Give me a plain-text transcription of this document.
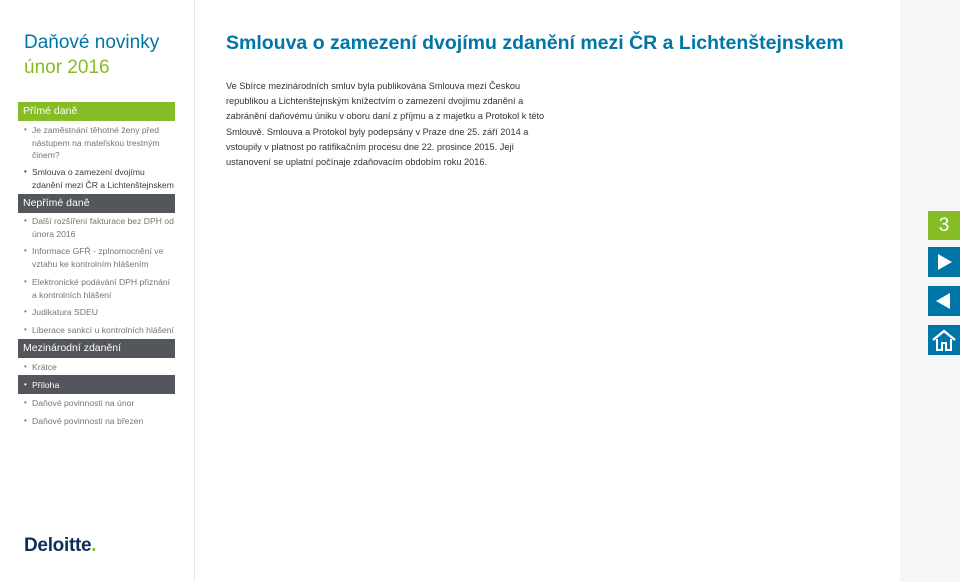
Daňové novinky
únor 2016
Přímé daně
• Je zaměstnání těhotné ženy před nástupem na mateřskou trestným činem?
• Smlouva o zamezení dvojímu zdanění mezi ČR a Lichtenštejnskem
Nepřímé daně
• Další rozšíření fakturace bez DPH od února 2016
• Informace GFŘ - zplnomocnění ve vztahu ke kontrolním hlášením
• Elektronické podávání DPH přiznání a kontrolních hlášení
• Judikatura SDEU
• Liberace sankcí u kontrolních hlášení
Mezinárodní zdanění
• Krátce
• Příloha
• Daňové povinnosti na únor
• Daňové povinnosti na březen
Deloitte.
Smlouva o zamezení dvojímu zdanění mezi ČR a Lichtenštejnskem

Ve Sbírce mezinárodních smluv byla publikována Smlouva mezi Českou republikou a Lichtenštejnským knížectvím o zamezení dvojímu zdanění a zabránění daňovému úniku v oboru daní z příjmu a z majetku a Protokol k této Smlouvě. Smlouva a Protokol byly podepsány v Praze dne 25. září 2014 a vstoupily v platnost po ratifikačním procesu dne 22. prosince 2015. Její ustanovení se uplatní počínaje zdaňovacím obdobím roku 2016.

3
